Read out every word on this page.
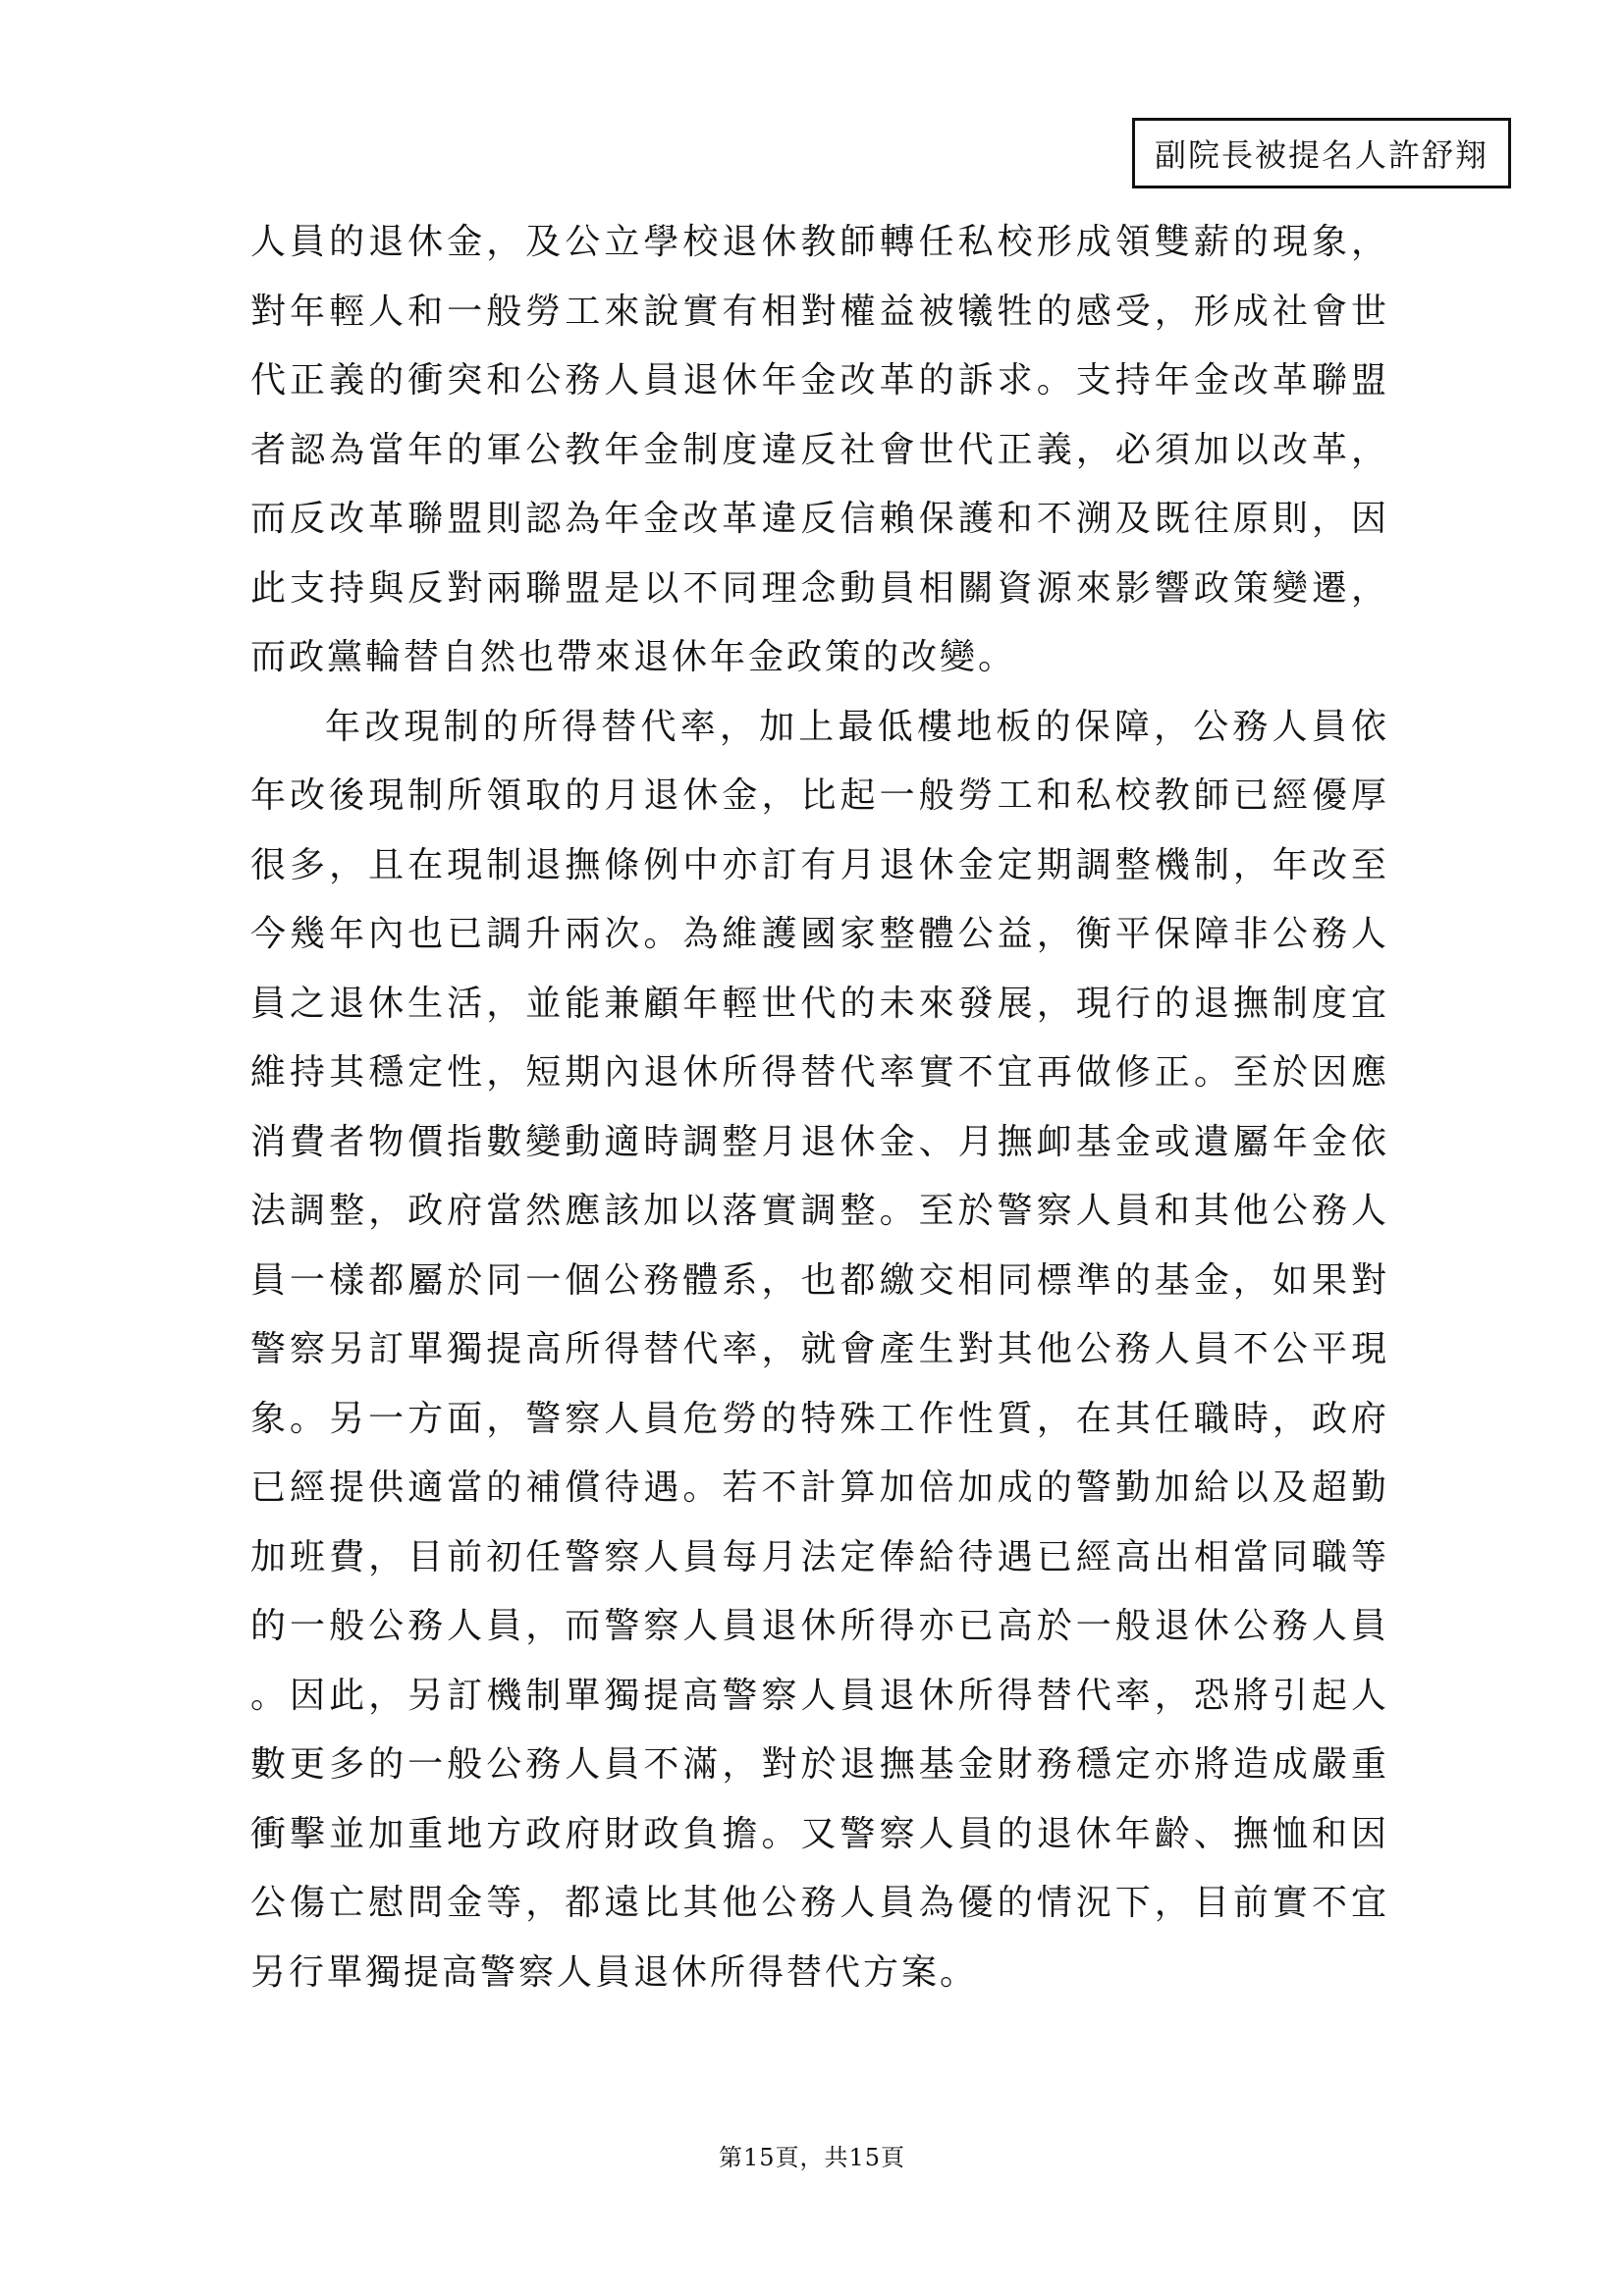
副院長被提名人許舒翔

人員的退休金，及公立學校退休教師轉任私校形成領雙薪的現象，對年輕人和一般勞工來說實有相對權益被犧牲的感受，形成社會世代正義的衝突和公務人員退休年金改革的訴求。支持年金改革聯盟者認為當年的軍公教年金制度違反社會世代正義，必須加以改革，而反改革聯盟則認為年金改革違反信賴保護和不溯及既往原則，因此支持與反對兩聯盟是以不同理念動員相關資源來影響政策變遷，而政黨輪替自然也帶來退休年金政策的改變。

年改現制的所得替代率，加上最低樓地板的保障，公務人員依年改後現制所領取的月退休金，比起一般勞工和私校教師已經優厚很多，且在現制退撫條例中亦訂有月退休金定期調整機制，年改至今幾年內也已調升兩次。為維護國家整體公益，衡平保障非公務人員之退休生活，並能兼顧年輕世代的未來發展，現行的退撫制度宜維持其穩定性，短期內退休所得替代率實不宜再做修正。至於因應消費者物價指數變動適時調整月退休金、月撫卹基金或遺屬年金依法調整，政府當然應該加以落實調整。至於警察人員和其他公務人員一樣都屬於同一個公務體系，也都繳交相同標準的基金，如果對警察另訂單獨提高所得替代率，就會產生對其他公務人員不公平現象。另一方面，警察人員危勞的特殊工作性質，在其任職時，政府已經提供適當的補償待遇。若不計算加倍加成的警勤加給以及超勤加班費，目前初任警察人員每月法定俸給待遇已經高出相當同職等的一般公務人員，而警察人員退休所得亦已高於一般退休公務人員。因此，另訂機制單獨提高警察人員退休所得替代率，恐將引起人數更多的一般公務人員不滿，對於退撫基金財務穩定亦將造成嚴重衝擊並加重地方政府財政負擔。又警察人員的退休年齡、撫恤和因公傷亡慰問金等，都遠比其他公務人員為優的情況下，目前實不宜另行單獨提高警察人員退休所得替代方案。

第15頁，共15頁
